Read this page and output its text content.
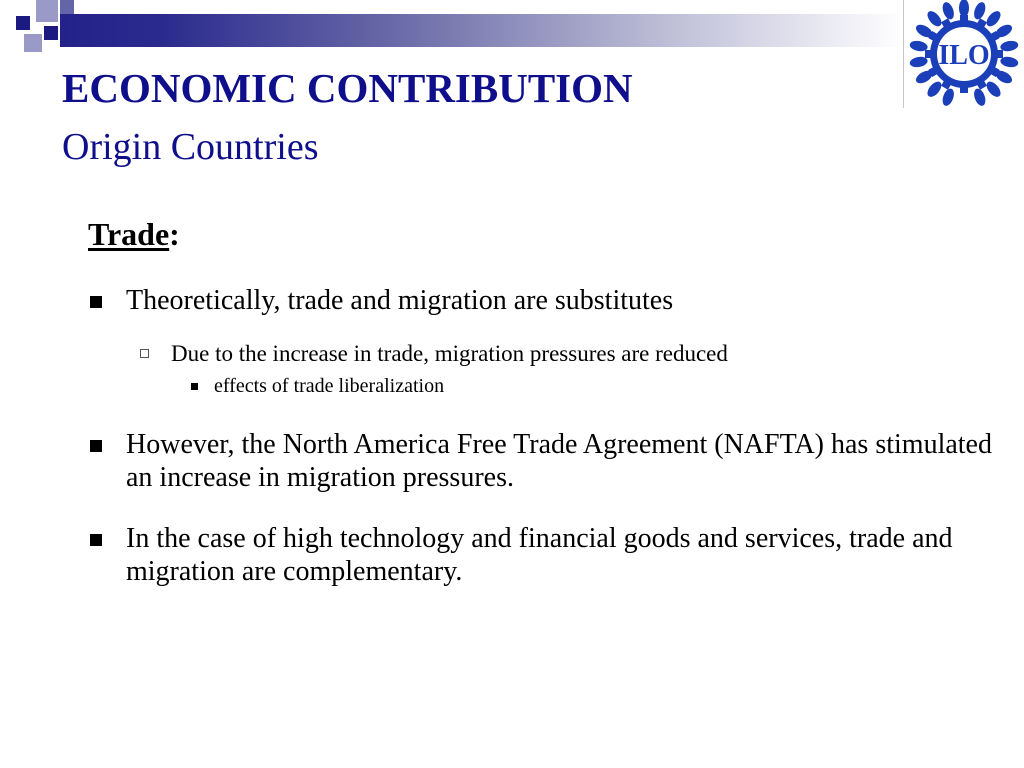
ILO
ECONOMIC CONTRIBUTION
Origin Countries
Trade:
Theoretically, trade and migration are substitutes
Due to the increase in trade, migration pressures are reduced
effects of trade liberalization
However, the North America Free Trade Agreement (NAFTA) has stimulated an increase in migration pressures.
In the case of high technology and financial goods and services, trade and migration are complementary.
